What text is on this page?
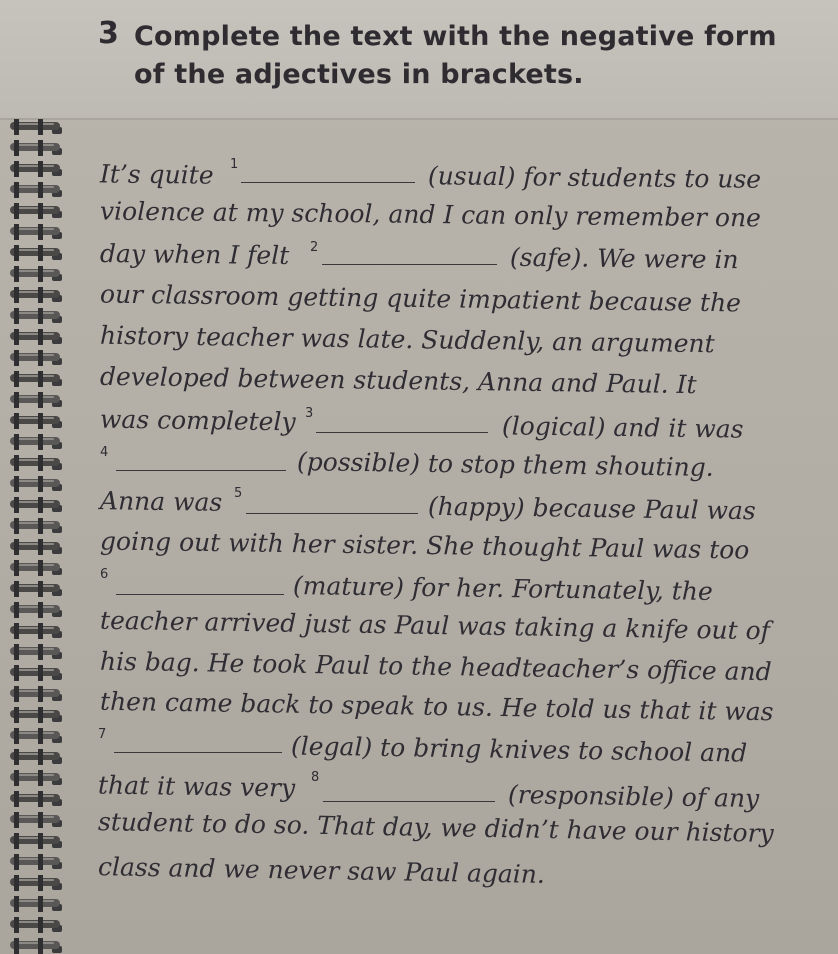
3 Complete the text with the negative form of the adjectives in brackets.
It’s quite 1	(usual) for students to use
violence at my school, and I can only remember one
day when I felt 2	(safe). We were in
our classroom getting quite impatient because the
history teacher was late. Suddenly, an argument
developed between students, Anna and Paul. It
was completely 3	(logical) and it was
4	(possible) to stop them shouting.
Anna was 5	(happy) because Paul was
going out with her sister. She thought Paul was too
6	(mature) for her. Fortunately, the
teacher arrived just as Paul was taking a knife out of
his bag. He took Paul to the headteacher’s office and
then came back to speak to us. He told us that it was
7	(legal) to bring knives to school and
that it was very 8
(responsible) of any
student to do so. That day, we didn’t have our history
class and we never saw Paul again.
